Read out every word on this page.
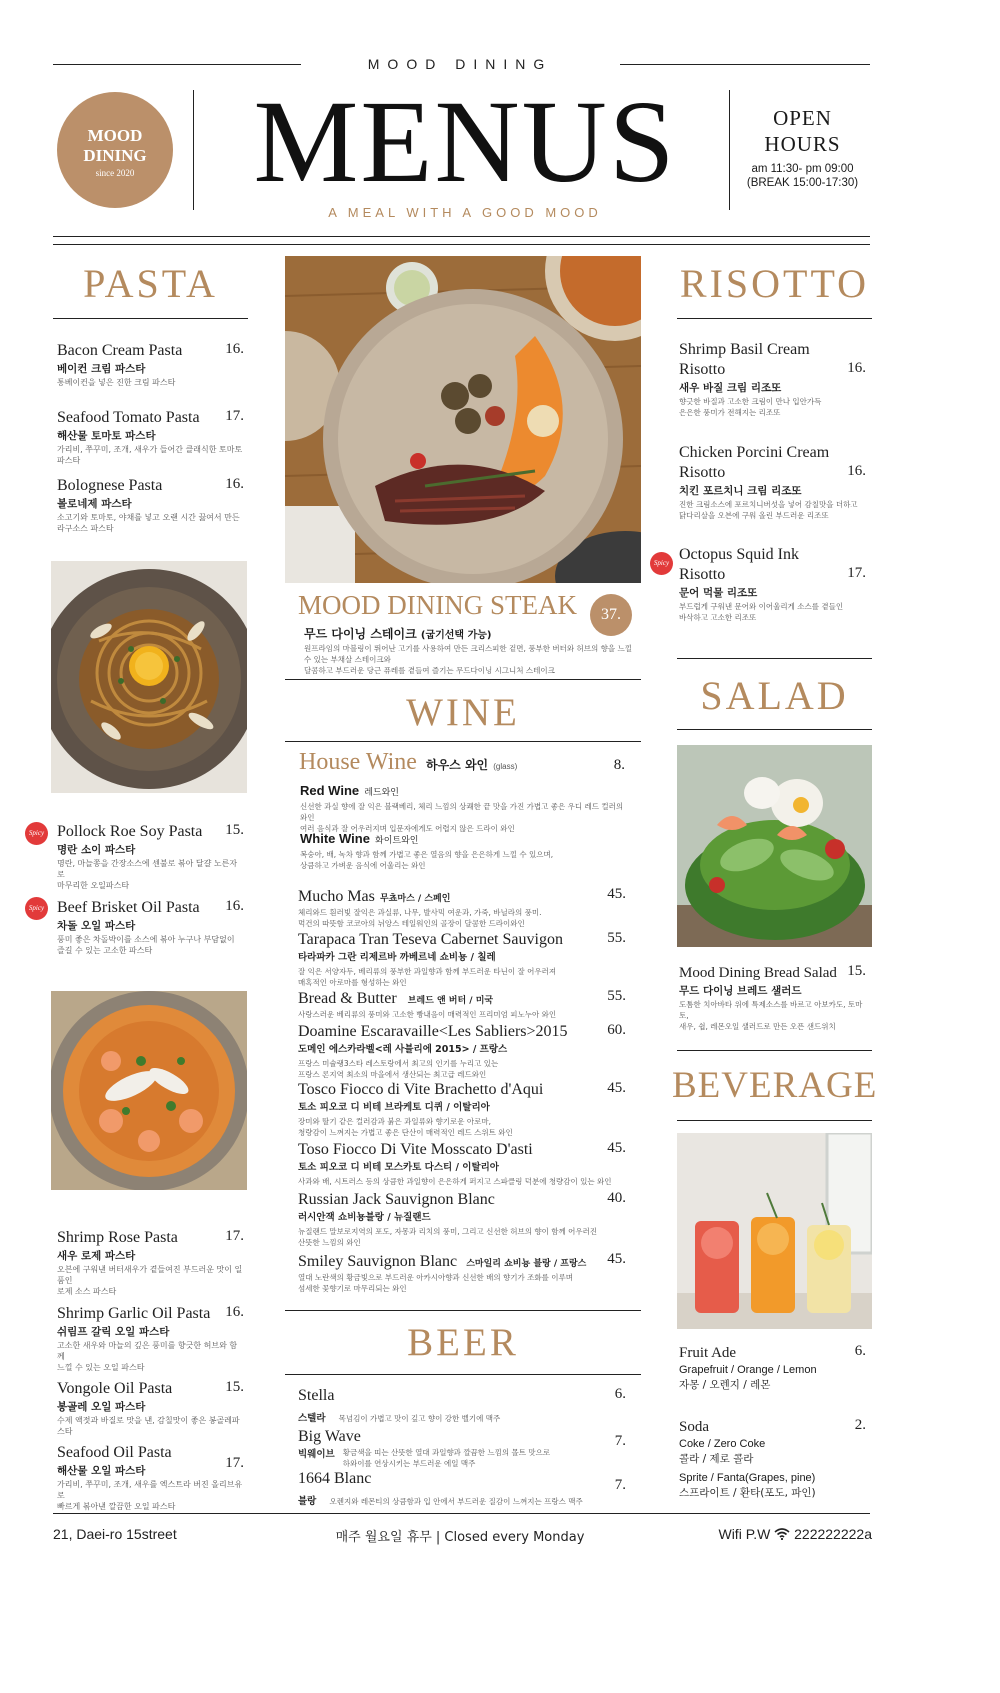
MOOD DINING
MOOD
DINING
since 2020	MENUS
A MEAL WITH A GOOD MOOD
OPEN
HOURS
am 11:30- pm 09:00
(BREAK 15:00-17:30)
PASTA
Bacon Cream Pasta
베이컨 크림 파스타
통베이컨을 넣은 진한 크림 파스타
16.
Seafood Tomato Pasta
해산물 토마토 파스타
가리비, 쭈꾸미, 조개, 새우가 들어간 클래식한 토마토 파스타
17.
Bolognese Pasta
볼로네제 파스타
소고기와 토마토, 야채를 넣고 오랜 시간 끓여서 만든
라구소스 파스타
16.
Spicy Pollock Roe Soy Pasta
명란 소이 파스타
명란, 마늘쫑을 간장소스에 센불로 볶아 달걀 노른자로
마무리한 오일파스타
15.
Spicy Beef Brisket Oil Pasta
차돌 오일 파스타
풍미 좋은 차돌박이를 소스에 볶아 누구나 부담없이
즐길 수 있는 고소한 파스타
16.
Shrimp Rose Pasta
새우 로제 파스타
오븐에 구워낸 버터새우가 곁들여진 부드러운 맛이 일품인
로제 소스 파스타
17.
Shrimp Garlic Oil Pasta
쉬림프 갈릭 오일 파스타
고소한 새우와 마늘의 깊은 풍미를 향긋한 허브와 함께
느낄 수 있는 오일 파스타
16.
Vongole Oil Pasta
봉골레 오일 파스타
수제 액젓과 바질로 맛을 낸, 감칠맛이 좋은 봉골레파스타
15.
Seafood Oil Pasta
해산물 오일 파스타
가리비, 쭈꾸미, 조개, 새우를 엑스트라 버진 올리브유로
빠르게 볶아낸 깔끔한 오일 파스타
17.
MOOD DINING STEAK	37.
무드 다이닝 스테이크 (굽기선택 가능)
원프라임의 마블링이 뛰어난 고기를 사용하여 만든 크리스피한 겉면, 풍부한 버터와 허브의 향을 느낄 수 있는 부채살 스테이크와
달콤하고 부드러운 당근 퓨레를 곁들여 즐기는 무드다이닝 시그니처 스테이크
WINE
House Wine 하우스 와인 (glass)	8.
Red Wine 레드와인
신선한 과실 향에 잘 익은 블랙베리, 체리 느낌의 상쾌한 끝 맛을 가진 가볍고 좋은 우디 레드 컬러의 와인
여러 음식과 잘 어우러지며 입문자에게도 어렵지 않은 드라이 와인
White Wine 화이트와인
복숭아, 배, 녹차 향과 함께 가볍고 좋은 열음의 향을 은은하게 느낄 수 있으며,
상큼하고 가벼운 음식에 어울리는 와인
Mucho Mas 무쵸마스 / 스페인
체리와드 흰러빛 잘익은 과실류, 나무, 발사믹 여운과, 가죽, 바닐라의 풍미.
먹건의 따뜻함 코코아의 뉘앙스 테일워인의 골장이 달콤한 드라이와인
45.
Tarapaca Tran Teseva Cabernet Sauvigon
타라파카 그란 리제르바 까베르네 쇼비뇽 / 칠레
잘 익은 서양자두, 베리류의 풍부한 과일향과 함께 부드러운 타닌이 잘 어우러져
매혹적인 아로마를 형성하는 와인
55.
Bread & Butter 브레드 앤 버터 / 미국
사랑스러운 베리류의 풍미와 고소한 빵내음이 매력적인 프리미엄 피노누아 와인
55.
Doamine Escaravaille<Les Sabliers>2015
도메인 에스카라벨<레 사블리에 2015> / 프랑스
프랑스 미슐랭3스타 레스토랑에서 최고의 인기를 누리고 있는
프랑스 론지역 최소의 마을에서 생산되는 최고급 레드와인
60.
Tosco Fiocco di Vite Brachetto d'Aqui
토소 피오코 디 비테 브라케토 디퀴 / 이탈리아
장미와 딸기 같은 컬러감과 붉은 과일류와 향기로운 아로마,
청량감이 느껴지는 가볍고 좋은 단산이 매력적인 레드 스위트 와인
45.
Toso Fiocco Di Vite Mosscato D'asti
토소 피오코 디 비테 모스카토 다스티 / 이탈리아
사과와 배, 시트러스 등의 상큼한 과일향이 은은하게 퍼지고 스파클링 덕분에 청량감이 있는 와인
45.
Russian Jack Sauvignon Blanc
러시안잭 쇼비뇽블랑 / 뉴질랜드
뉴질랜드 말보로지역의 포도, 자몽과 리치의 풍미, 그리고 신선한 허브의 향이 함께 어우러진
산뜻한 느낌의 와인
40.
Smiley Sauvignon Blanc 스마일리 쇼비뇽 블랑 / 프랑스
열대 노란색의 황금빛으로 부드러운 아카시아향과 신선한 배의 향기가 조화를 이루며
섬세한 꽃향기로 마무리되는 와인
45.
BEER
Stella
스텔라 목넘김이 가볍고 맛이 깊고 향이 강한 벨기에 맥주
6.
Big Wave
빅웨이브 황금색을 띠는 산뜻한 열대 과일향과 깔끔한 느낌의 몰트 맛으로
하와이를 연상시키는 부드러운 에일 맥주
7.
1664 Blanc
블랑 오렌지와 레몬티의 상큼함과 입 안에서 부드러운 질감이 느껴지는 프랑스 맥주
7.
RISOTTO
Shrimp Basil Cream
Risotto
새우 바질 크림 리조또
향긋한 바질과 고소한 크림이 만나 입안가득
은은한 풍미가 전해지는 리조또
16.
Chicken Porcini Cream
Risotto
치킨 포르치니 크림 리조또
진한 크림소스에 포르치니버섯을 넣어 감칠맛을 더하고
닭다리살을 오븐에 구워 올린 부드러운 리조또
16.
Spicy Octopus Squid Ink
Risotto
문어 먹물 리조또
부드럽게 구워낸 문어와 이어울리게 소스를 곁들인
바삭하고 고소한 리조또
17.
SALAD
Mood Dining Bread Salad
무드 다이닝 브레드 샐러드
도톰한 치아바타 위에 특제소스를 바르고 아보카도, 토마토,
새우, 쉽, 레몬오일 샐러드로 만든 오픈 샌드위치
15.
BEVERAGE
Fruit Ade
Grapefruit / Orange / Lemon
자몽 / 오렌지 / 레몬
6.
Soda
Coke / Zero Coke
콜라 / 제로 콜라
Sprite / Fanta(Grapes, pine)
스프라이트 / 환타(포도, 파인)
2.
21, Daei-ro 15street	매주 월요일 휴무 | Closed every Monday	Wifi P.W 222222222a
